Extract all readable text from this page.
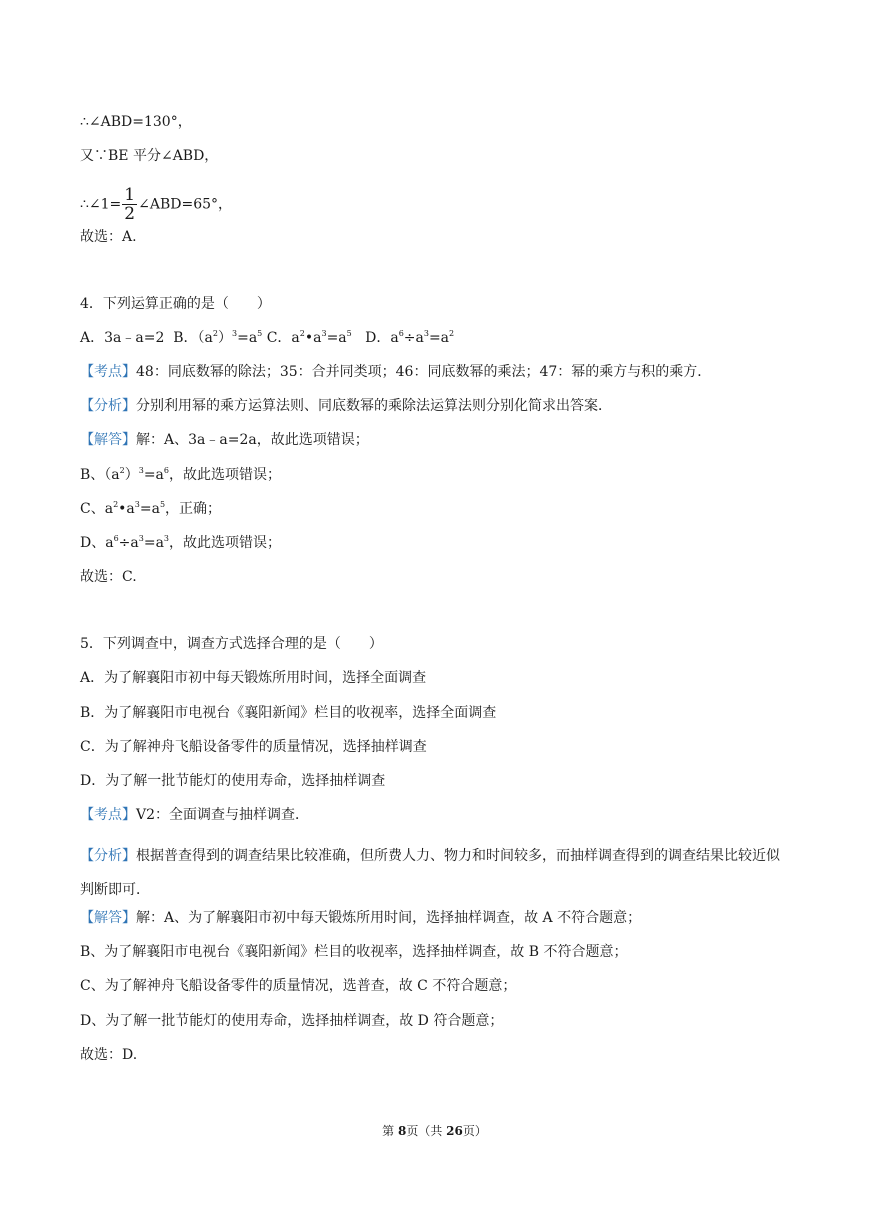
∴∠ABD=130°，
又∵BE 平分∠ABD，
∴∠1= $\frac{1}{2}$ ∠ABD=65°，
故选：A.
4．下列运算正确的是（　　）
A．3a﹣a=2 B．$(a^2)^3=a^5$ C．$a^2•a^3=a^5$ D．$a^6\div a^3=a^2$
【考点】48：同底数幂的除法；35：合并同类项；46：同底数幂的乘法；47：幂的乘方与积的乘方．
【分析】分别利用幂的乘方运算法则、同底数幂的乘除法运算法则分别化简求出答案．
【解答】解：A、3a﹣a=2a，故此选项错误；
B、$(a^2)^3=a^6$，故此选项错误；
C、$a^2•a^3=a^5$，正确；
D、$a^6\div a^3=a^3$，故此选项错误；
故选：C.
5．下列调查中，调查方式选择合理的是（　　）
A．为了解襄阳市初中每天锻炼所用时间，选择全面调查
B．为了解襄阳市电视台《襄阳新闻》栏目的收视率，选择全面调查
C．为了解神舟飞船设备零件的质量情况，选择抽样调查
D．为了解一批节能灯的使用寿命，选择抽样调查
【考点】V2：全面调查与抽样调查．
【分析】根据普查得到的调查结果比较准确，但所费人力、物力和时间较多，而抽样调查得到的调查结果比较近似判断即可．
【解答】解：A、为了解襄阳市初中每天锻炼所用时间，选择抽样调查，故 A 不符合题意；
B、为了解襄阳市电视台《襄阳新闻》栏目的收视率，选择抽样调查，故 B 不符合题意；
C、为了解神舟飞船设备零件的质量情况，选普查，故 C 不符合题意；
D、为了解一批节能灯的使用寿命，选择抽样调查，故 D 符合题意；
故选：D.
第 8页（共 26页）
